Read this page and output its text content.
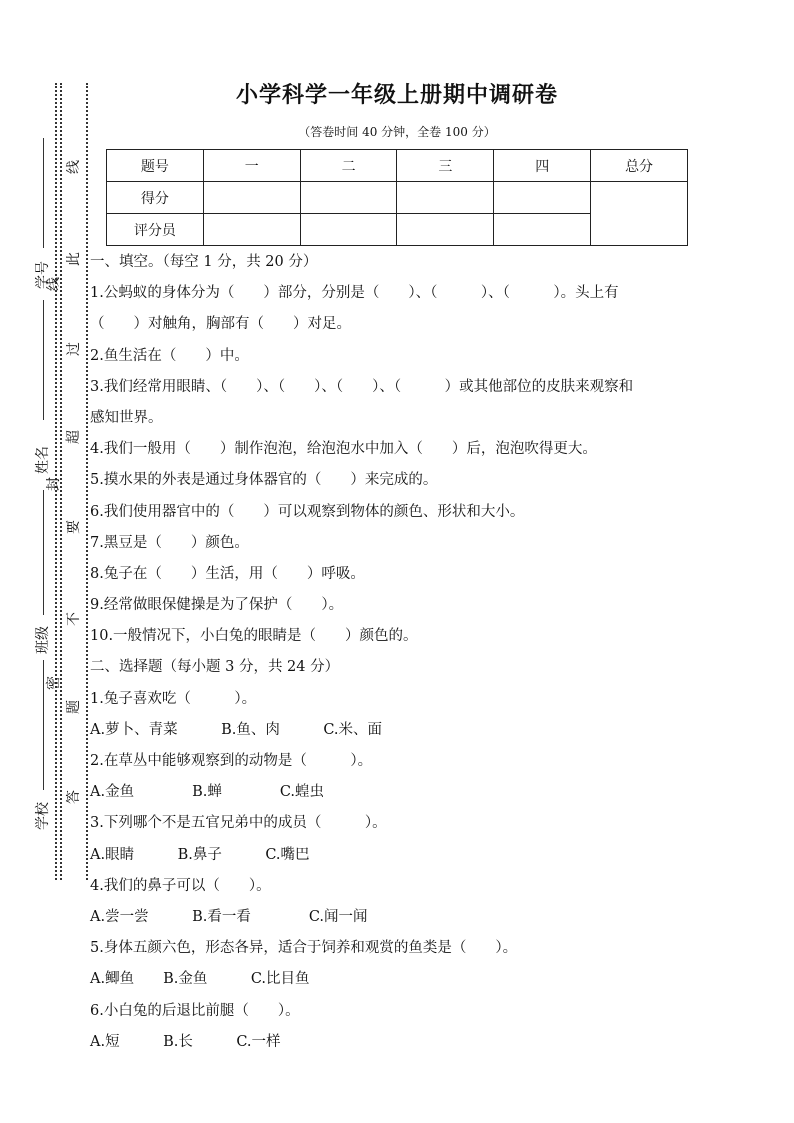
学号
姓名
班级
学校
线
此
过
超
要
不
题
答
线
封
密
小学科学一年级上册期中调研卷
（答卷时间 40 分钟，全卷 100 分）
题号	一	二	三	四	总分
得分					
评分员					
一、填空。（每空 1 分，共 20 分）
1.公蚂蚁的身体分为（　　）部分，分别是（　　）、（　　　）、（　　　）。头上有
（　　）对触角，胸部有（　　）对足。
2.鱼生活在（　　）中。
3.我们经常用眼睛、（　　）、（　　）、（　　）、（　　　）或其他部位的皮肤来观察和
感知世界。
4.我们一般用（　　）制作泡泡，给泡泡水中加入（　　）后，泡泡吹得更大。
5.摸水果的外表是通过身体器官的（　　）来完成的。
6.我们使用器官中的（　　）可以观察到物体的颜色、形状和大小。
7.黑豆是（　　）颜色。
8.兔子在（　　）生活，用（　　）呼吸。
9.经常做眼保健操是为了保护（　　）。
10.一般情况下，小白兔的眼睛是（　　）颜色的。
二、选择题（每小题 3 分，共 24 分）
1.兔子喜欢吃（　　　）。
A.萝卜、青菜　　　B.鱼、肉　　　C.米、面
2.在草丛中能够观察到的动物是（　　　）。
A.金鱼　　　　B.蝉　　　　C.蝗虫
3.下列哪个不是五官兄弟中的成员（　　　）。
A.眼睛　　　B.鼻子　　　C.嘴巴
4.我们的鼻子可以（　　）。
A.尝一尝　　　B.看一看　　　　C.闻一闻
5.身体五颜六色，形态各异，适合于饲养和观赏的鱼类是（　　）。
A.鲫鱼　　B.金鱼　　　C.比目鱼
6.小白兔的后退比前腿（　　）。
A.短　　　B.长　　　C.一样
